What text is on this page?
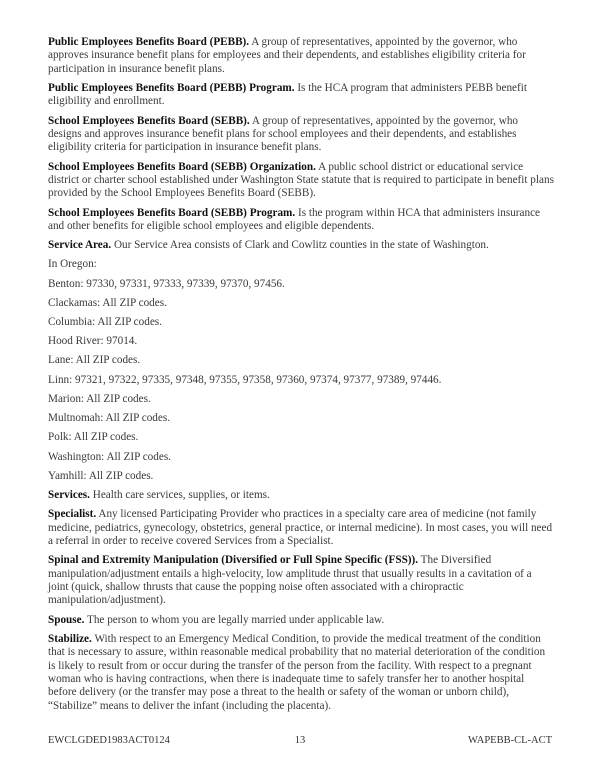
Public Employees Benefits Board (PEBB). A group of representatives, appointed by the governor, who approves insurance benefit plans for employees and their dependents, and establishes eligibility criteria for participation in insurance benefit plans.

Public Employees Benefits Board (PEBB) Program. Is the HCA program that administers PEBB benefit eligibility and enrollment.

School Employees Benefits Board (SEBB). A group of representatives, appointed by the governor, who designs and approves insurance benefit plans for school employees and their dependents, and establishes eligibility criteria for participation in insurance benefit plans.

School Employees Benefits Board (SEBB) Organization. A public school district or educational service district or charter school established under Washington State statute that is required to participate in benefit plans provided by the School Employees Benefits Board (SEBB).

School Employees Benefits Board (SEBB) Program. Is the program within HCA that administers insurance and other benefits for eligible school employees and eligible dependents.

Service Area. Our Service Area consists of Clark and Cowlitz counties in the state of Washington.

In Oregon:

Benton: 97330, 97331, 97333, 97339, 97370, 97456.

Clackamas: All ZIP codes.

Columbia: All ZIP codes.

Hood River: 97014.

Lane: All ZIP codes.

Linn: 97321, 97322, 97335, 97348, 97355, 97358, 97360, 97374, 97377, 97389, 97446.

Marion: All ZIP codes.

Multnomah: All ZIP codes.

Polk: All ZIP codes.

Washington: All ZIP codes.

Yamhill: All ZIP codes.

Services. Health care services, supplies, or items.

Specialist. Any licensed Participating Provider who practices in a specialty care area of medicine (not family medicine, pediatrics, gynecology, obstetrics, general practice, or internal medicine). In most cases, you will need a referral in order to receive covered Services from a Specialist.

Spinal and Extremity Manipulation (Diversified or Full Spine Specific (FSS)). The Diversified manipulation/adjustment entails a high-velocity, low amplitude thrust that usually results in a cavitation of a joint (quick, shallow thrusts that cause the popping noise often associated with a chiropractic manipulation/adjustment).

Spouse. The person to whom you are legally married under applicable law.

Stabilize. With respect to an Emergency Medical Condition, to provide the medical treatment of the condition that is necessary to assure, within reasonable medical probability that no material deterioration of the condition is likely to result from or occur during the transfer of the person from the facility. With respect to a pregnant woman who is having contractions, when there is inadequate time to safely transfer her to another hospital before delivery (or the transfer may pose a threat to the health or safety of the woman or unborn child), “Stabilize” means to deliver the infant (including the placenta).

EWCLGDED1983ACT0124	13	WAPEBB-CL-ACT
